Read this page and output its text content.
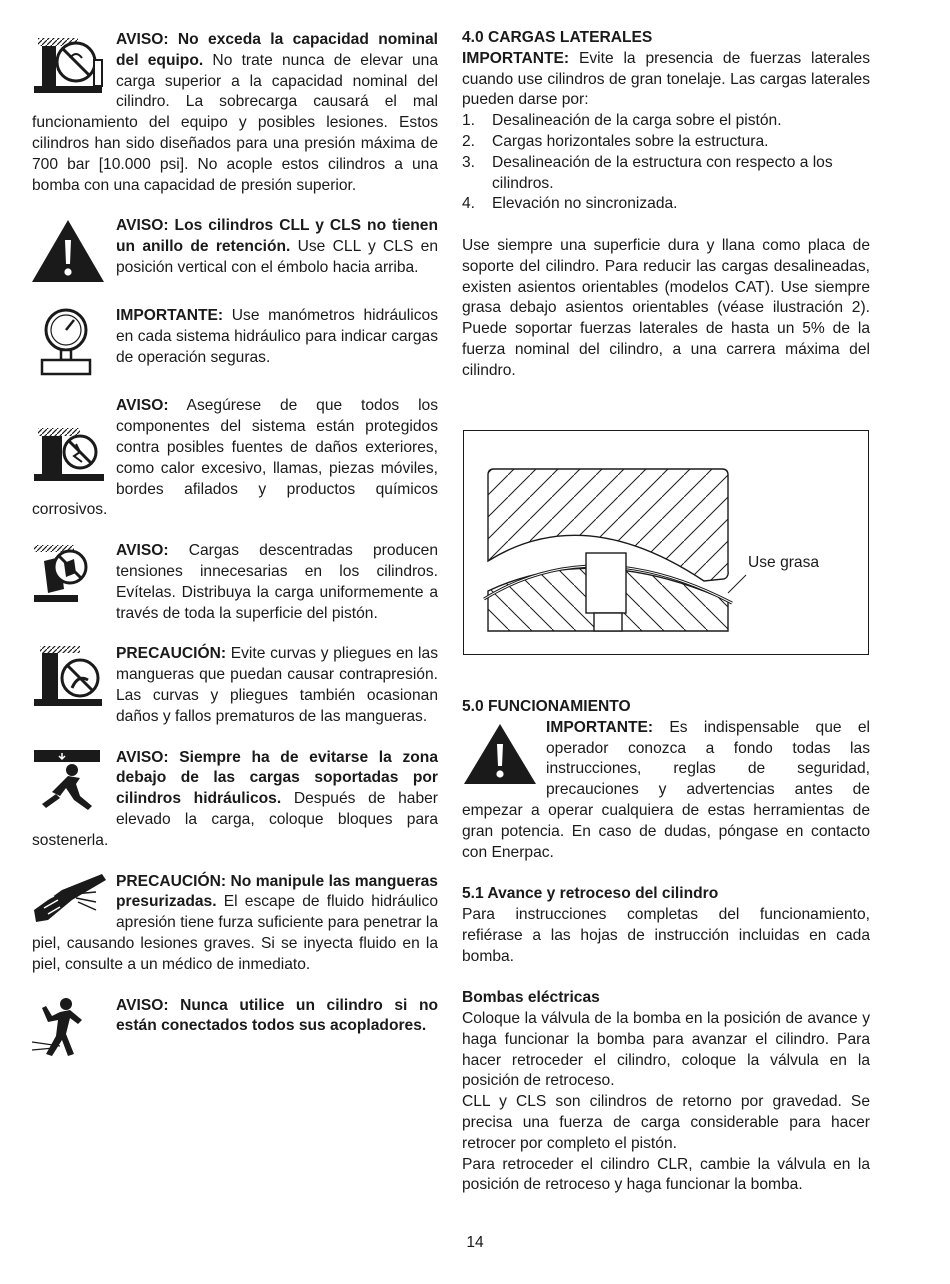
AVISO: No exceda la capacidad nominal del equipo. No trate nunca de elevar una carga superior a la capacidad nominal del cilindro. La sobrecarga causará el mal funcionamiento del equipo y posibles lesiones. Estos cilindros han sido diseñados para una presión máxima de 700 bar [10.000 psi]. No acople estos cilindros a una bomba con una capacidad de presión superior.

AVISO: Los cilindros CLL y CLS no tienen un anillo de retención. Use CLL y CLS en posición vertical con el émbolo hacia arriba.

IMPORTANTE: Use manómetros hidráulicos en cada sistema hidráulico para indicar cargas de operación seguras.

AVISO: Asegúrese de que todos los componentes del sistema están protegidos contra posibles fuentes de daños exteriores, como calor excesivo, llamas, piezas móviles, bordes afilados y productos químicos corrosivos.

AVISO: Cargas descentradas producen tensiones innecesarias en los cilindros. Evítelas. Distribuya la carga uniformemente a través de toda la superficie del pistón.

PRECAUCIÓN: Evite curvas y pliegues en las mangueras que puedan causar contrapresión. Las curvas y pliegues también ocasionan daños y fallos prematuros de las mangueras.

AVISO: Siempre ha de evitarse la zona debajo de las cargas soportadas por cilindros hidráulicos. Después de haber elevado la carga, coloque bloques para sostenerla.

PRECAUCIÓN: No manipule las mangueras presurizadas. El escape de fluido hidráulico apresión tiene furza suficiente para penetrar la piel, causando lesiones graves. Si se inyecta fluido en la piel, consulte a un médico de inmediato.

AVISO: Nunca utilice un cilindro si no están conectados todos sus acopladores.

4.0 CARGAS LATERALES

IMPORTANTE: Evite la presencia de fuerzas laterales cuando use cilindros de gran tonelaje. Las cargas laterales pueden darse por:

1. Desalineación de la carga sobre el pistón.
2. Cargas horizontales sobre la estructura.
3. Desalineación de la estructura con respecto a los cilindros.
4. Elevación no sincronizada.

Use siempre una superficie dura y llana como placa de soporte del cilindro. Para reducir las cargas desalineadas, existen asientos orientables (modelos CAT). Use siempre grasa debajo asientos orientables (véase ilustración 2). Puede soportar fuerzas laterales de hasta un 5% de la fuerza nominal del cilindro, a una carrera máxima del cilindro.

Use grasa
5.0 FUNCIONAMIENTO

IMPORTANTE: Es indispensable que el operador conozca a fondo todas las instrucciones, reglas de seguridad, precauciones y advertencias antes de empezar a operar cualquiera de estas herramientas de gran potencia. En caso de dudas, póngase en contacto con Enerpac.

5.1 Avance y retroceso del cilindro

Para instrucciones completas del funcionamiento, refiérase a las hojas de instrucción incluidas en cada bomba.

Bombas eléctricas

Coloque la válvula de la bomba en la posición de avance y haga funcionar la bomba para avanzar el cilindro. Para hacer retroceder el cilindro, coloque la válvula en la posición de retroceso.

CLL y CLS son cilindros de retorno por gravedad. Se precisa una fuerza de carga considerable para hacer retrocer por completo el pistón.

Para retroceder el cilindro CLR, cambie la válvula en la posición de retroceso y haga funcionar la bomba.

14
